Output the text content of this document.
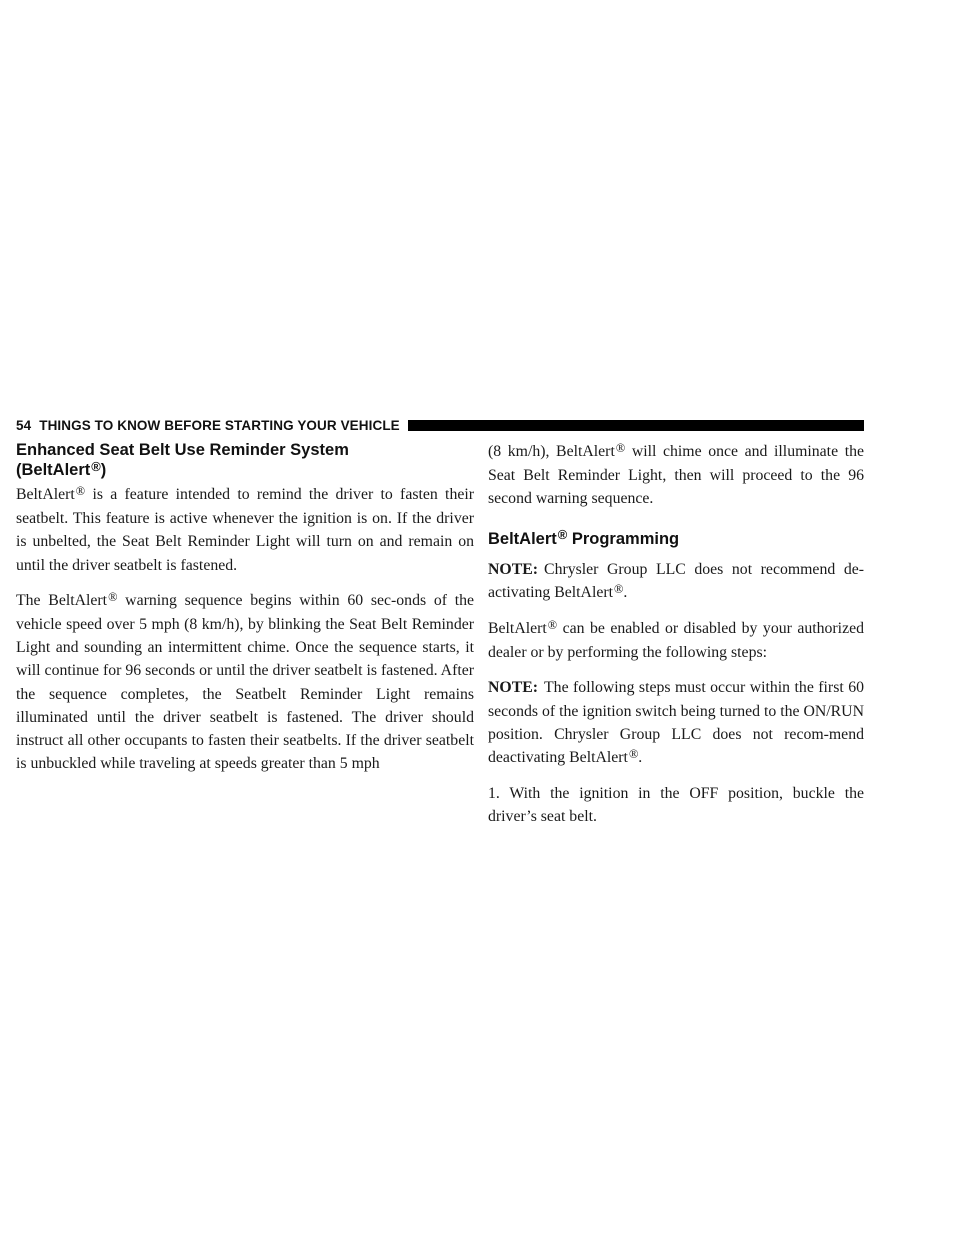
54 THINGS TO KNOW BEFORE STARTING YOUR VEHICLE
Enhanced Seat Belt Use Reminder System
(BeltAlert®)

BeltAlert® is a feature intended to remind the driver to fasten their seatbelt. This feature is active whenever the ignition is on. If the driver is unbelted, the Seat Belt Reminder Light will turn on and remain on until the driver seatbelt is fastened.

The BeltAlert® warning sequence begins within 60 sec-onds of the vehicle speed over 5 mph (8 km/h), by blinking the Seat Belt Reminder Light and sounding an intermittent chime. Once the sequence starts, it will continue for 96 seconds or until the driver seatbelt is fastened. After the sequence completes, the Seatbelt Reminder Light remains illuminated until the driver seatbelt is fastened. The driver should instruct all other occupants to fasten their seatbelts. If the driver seatbelt is unbuckled while traveling at speeds greater than 5 mph

(8 km/h), BeltAlert® will chime once and illuminate the Seat Belt Reminder Light, then will proceed to the 96 second warning sequence.

BeltAlert® Programming

NOTE: Chrysler Group LLC does not recommend de-activating BeltAlert®.

BeltAlert® can be enabled or disabled by your authorized dealer or by performing the following steps:

NOTE: The following steps must occur within the first 60 seconds of the ignition switch being turned to the ON/RUN position. Chrysler Group LLC does not recom-mend deactivating BeltAlert®.

1. With the ignition in the OFF position, buckle the driver’s seat belt.
